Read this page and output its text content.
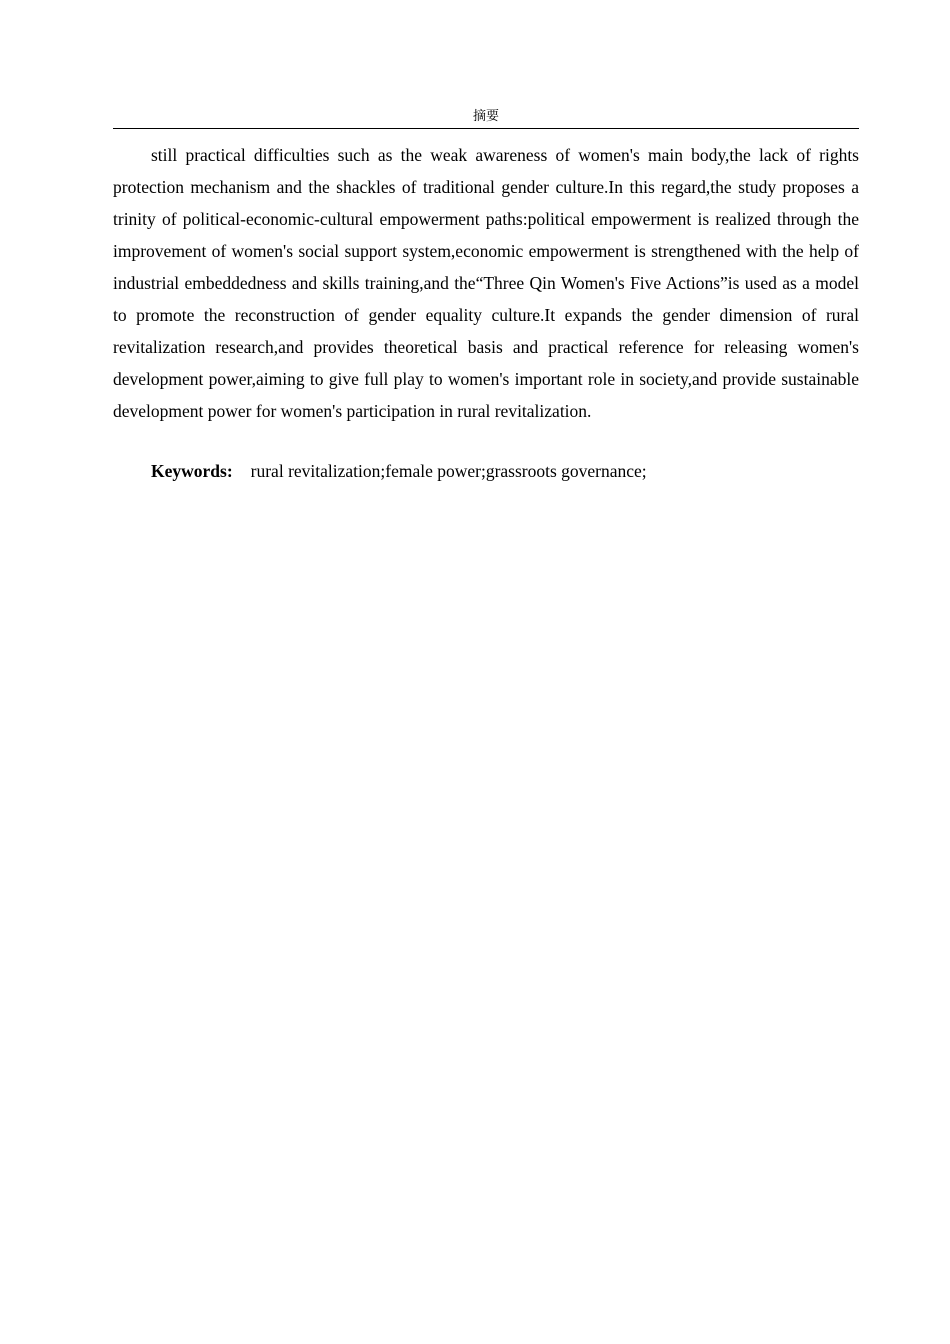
摘要

still practical difficulties such as the weak awareness of women's main body,the lack of rights protection mechanism and the shackles of traditional gender culture.In this regard,the study proposes a trinity of political-economic-cultural empowerment paths:political empowerment is realized through the improvement of women's social support system,economic empowerment is strengthened with the help of industrial embeddedness and skills training,and the“Three Qin Women's Five Actions”is used as a model to promote the reconstruction of gender equality culture.It expands the gender dimension of rural revitalization research,and provides theoretical basis and practical reference for releasing women's development power,aiming to give full play to women's important role in society,and provide sustainable development power for women's participation in rural revitalization.

Keywords: rural revitalization;female power;grassroots governance;
